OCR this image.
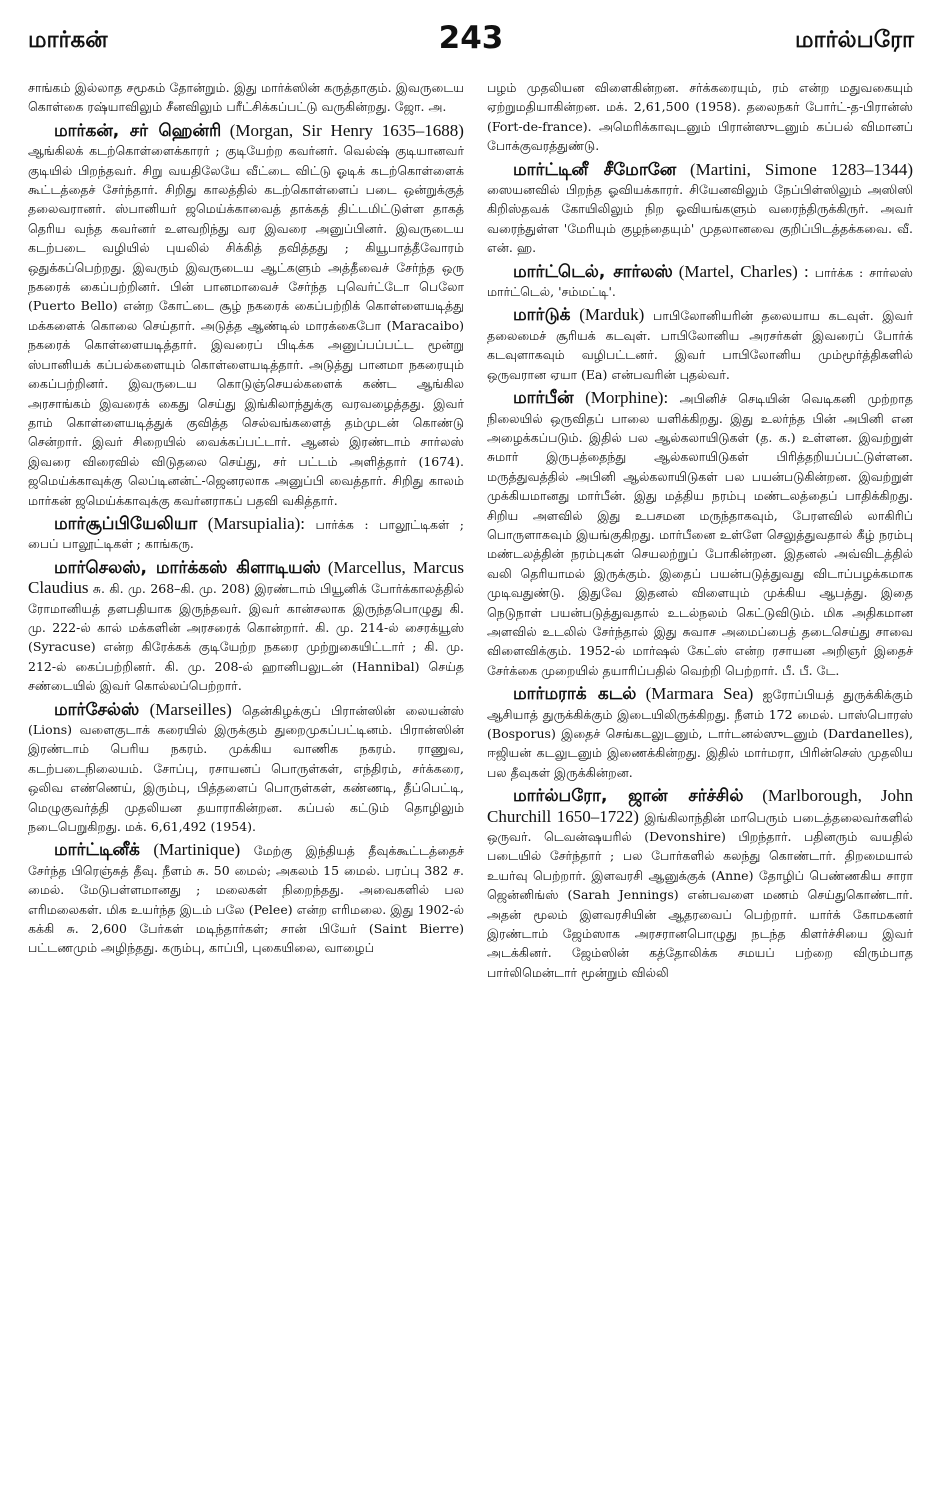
மார்கன்	243	மார்ல்பரோ

சாங்கம் இல்லாத சமூகம் தோன்றும். இது மார்க்ஸின் கருத்தாகும். இவருடைய கொள்கை ரஷ்யாவிலும் சீனவிலும் பரீட்சிக்கப்பட்டு வருகின்றது. ஜோ. அ.

மார்கன், சர் ஹென்ரி (Morgan, Sir Henry 1635–1688) ஆங்கிலக் கடற்கொள்ளைக்காரர் ; குடியேற்ற கவர்னர். வெல்ஷ் குடியானவர் குடியில் பிறந்தவர். சிறு வயதிலேயே வீட்டை விட்டு ஓடிக் கடற்கொள்ளைக் கூட்டத்தைச் சேர்ந்தார். சிறிது காலத்தில் கடற்கொள்ளைப் படை ஒன்றுக்குத் தலைவரானர். ஸ்பானியர் ஜமெய்க்காவைத் தாக்கத் திட்டமிட்டுள்ள தாகத் தெரிய வந்த கவர்னர் உளவறிந்து வர இவரை அனுப்பினர். இவருடைய கடற்படை வழியில் புயலில் சிக்கித் தவித்தது ; கியூபாத்தீவோரம் ஒதுக்கப்பெற்றது. இவரும் இவருடைய ஆட்களும் அத்தீவைச் சேர்ந்த ஒரு நகரைக் கைப்பற்றினர். பின் பானமாவைச் சேர்ந்த புவெர்ட்டோ பெலோ (Puerto Bello) என்ற கோட்டை சூழ் நகரைக் கைப்பற்றிக் கொள்ளையடித்து மக்களைக் கொலை செய்தார். அடுத்த ஆண்டில் மாரக்கைபோ (Maracaibo) நகரைக் கொள்ளையடித்தார். இவரைப் பிடிக்க அனுப்பப்பட்ட மூன்று ஸ்பானியக் கப்பல்களையும் கொள்ளையடித்தார். அடுத்து பானமா நகரையும் கைப்பற்றினர். இவருடைய கொடுஞ்செயல்களைக் கண்ட ஆங்கில அரசாங்கம் இவரைக் கைது செய்து இங்கிலாந்துக்கு வரவழைத்தது. இவர் தாம் கொள்ளையடித்துக் குவித்த செல்வங்களைத் தம்முடன் கொண்டு சென்றார். இவர் சிறையில் வைக்கப்பட்டார். ஆனல் இரண்டாம் சார்லஸ் இவரை விரைவில் விடுதலை செய்து, சர் பட்டம் அளித்தார் (1674). ஜமெய்க்காவுக்கு லெப்டினன்ட்-ஜெனரலாக அனுப்பி வைத்தார். சிறிது காலம் மார்கன் ஜமெய்க்காவுக்கு கவர்னராகப் பதவி வகித்தார்.

மார்சூப்பியேலியா (Marsupialia): பார்க்க : பாலூட்டிகள் ; பைப் பாலூட்டிகள் ; காங்கரு.

மார்செலஸ், மார்க்கஸ் கிளாடியஸ் (Marcellus, Marcus Claudius சு. கி. மு. 268–கி. மு. 208) இரண்டாம் பியூனிக் போர்க்காலத்தில் ரோமானியத் தளபதியாக இருந்தவர். இவர் கான்சலாக இருந்தபொழுது கி. மு. 222-ல் கால் மக்களின் அரசரைக் கொன்றார். கி. மு. 214-ல் சைரக்யூஸ் (Syracuse) என்ற கிரேக்கக் குடியேற்ற நகரை முற்றுகையிட்டார் ; கி. மு. 212-ல் கைப்பற்றினர். கி. மு. 208-ல் ஹானிபலுடன் (Hannibal) செய்த சண்டையில் இவர் கொல்லப்பெற்றார்.

மார்சேல்ஸ் (Marseilles) தென்கிழக்குப் பிரான்ஸின் லையன்ஸ் (Lions) வளைகுடாக் கரையில் இருக்கும் துறைமுகப்பட்டினம். பிரான்ஸின் இரண்டாம் பெரிய நகரம். முக்கிய வாணிக நகரம். ராணுவ, கடற்படைநிலையம். சோப்பு, ரசாயனப் பொருள்கள், எந்திரம், சர்க்கரை, ஒலிவ எண்ணெய், இரும்பு, பித்தளைப் பொருள்கள், கண்ணடி, தீப்பெட்டி, மெழுகுவர்த்தி முதலியன தயாராகின்றன. கப்பல் கட்டும் தொழிலும் நடைபெறுகிறது. மக். 6,61,492 (1954).

மார்ட்டினீக் (Martinique) மேற்கு இந்தியத் தீவுக்கூட்டத்தைச் சேர்ந்த பிரெஞ்சுத் தீவு. நீளம் சு. 50 மைல்; அகலம் 15 மைல். பரப்பு 382 ச. மைல். மேடுபள்ளமானது ; மலைகள் நிறைந்தது. அவைகளில் பல எரிமலைகள். மிக உயர்ந்த இடம் பலே (Pelee) என்ற எரிமலை. இது 1902-ல் கக்கி சு. 2,600 பேர்கள் மடிந்தார்கள்; சான் பியேர் (Saint Bierre) பட்டணமும் அழிந்தது. கரும்பு, காப்பி, புகையிலை, வாழைப்

பழம் முதலியன விளைகின்றன. சர்க்கரையும், ரம் என்ற மதுவகையும் ஏற்றுமதியாகின்றன. மக். 2,61,500 (1958). தலைநகர் போர்ட்-த-பிரான்ஸ் (Fort-de-france). அமெரிக்காவுடனும் பிரான்ஸுடனும் கப்பல் விமானப் போக்குவரத்துண்டு.

மார்ட்டினீ சீமோனே (Martini, Simone 1283–1344) ஸையனவில் பிறந்த ஓவியக்காரர். சியேனவிலும் நேப்பிள்ஸிலும் அஸிஸி கிறிஸ்தவக் கோயிலிலும் நிற ஓவியங்களும் வரைந்திருக்கிருர். அவர் வரைந்துள்ள 'மேரியும் குழந்தையும்' முதலானவை குறிப்பிடத்தக்கவை. வீ. என். ஹ.

மார்ட்டெல், சார்லஸ் (Martel, Charles) : பார்க்க : சார்லஸ் மார்ட்டெல், 'சம்மட்டி'.

மார்டுக் (Marduk) பாபிலோனியரின் தலையாய கடவுள். இவர் தலைமைச் சூரியக் கடவுள். பாபிலோனிய அரசர்கள் இவரைப் போர்க் கடவுளாகவும் வழிபட்டனர். இவர் பாபிலோனிய மும்மூர்த்திகளில் ஒருவரான ஏயா (Ea) என்பவரின் புதல்வர்.

மார்பீன் (Morphine): அபினிச் செடியின் வெடிகனி முற்றாத நிலையில் ஒருவிதப் பாலை யளிக்கிறது. இது உலர்ந்த பின் அபினி என அழைக்கப்படும். இதில் பல ஆல்கலாயிடுகள் (த. க.) உள்ளன. இவற்றுள் சுமார் இருபத்தைந்து ஆல்கலாயிடுகள் பிரித்தறியப்பட்டுள்ளன. மருத்துவத்தில் அபினி ஆல்கலாயிடுகள் பல பயன்படுகின்றன. இவற்றுள் முக்கியமானது மார்பீன். இது மத்திய நரம்பு மண்டலத்தைப் பாதிக்கிறது. சிறிய அளவில் இது உபசமன மருந்தாகவும், பேரளவில் லாகிரிப் பொருளாகவும் இயங்குகிறது. மார்பீனை உள்ளே செலுத்துவதால் கீழ் நரம்பு மண்டலத்தின் நரம்புகள் செயலற்றுப் போகின்றன. இதனல் அவ்விடத்தில் வலி தெரியாமல் இருக்கும். இதைப் பயன்படுத்துவது விடாப்பழக்கமாக முடிவதுண்டு. இதுவே இதனல் விளையும் முக்கிய ஆபத்து. இதை நெடுநாள் பயன்படுத்துவதால் உடல்நலம் கெட்டுவிடும். மிக அதிகமான அளவில் உடலில் சேர்ந்தால் இது சுவாச அமைப்பைத் தடைசெய்து சாவை விளைவிக்கும். 1952-ல் மார்ஷல் கேட்ஸ் என்ற ரசாயன அறிஞர் இதைச் சேர்க்கை முறையில் தயாரிப்பதில் வெற்றி பெற்றார். பீ. பீ. டே.

மார்மராக் கடல் (Marmara Sea) ஐரோப்பியத் துருக்கிக்கும் ஆசியாத் துருக்கிக்கும் இடையிலிருக்கிறது. நீளம் 172 மைல். பாஸ்பொரஸ் (Bosporus) இதைச் செங்கடலுடனும், டார்டனல்ஸுடனும் (Dardanelles), ஈஜியன் கடலுடனும் இணைக்கின்றது. இதில் மார்மரா, பிரின்செஸ் முதலிய பல தீவுகள் இருக்கின்றன.

மார்ல்பரோ, ஜான் சர்ச்சில் (Marlborough, John Churchill 1650–1722) இங்கிலாந்தின் மாபெரும் படைத்தலைவர்களில் ஒருவர். டெவன்ஷயரில் (Devonshire) பிறந்தார். பதினரும் வயதில் படையில் சேர்ந்தார் ; பல போர்களில் கலந்து கொண்டார். திறமையால் உயர்வு பெற்றார். இளவரசி ஆனுக்குக் (Anne) தோழிப் பெண்ணகிய சாரா ஜென்னிங்ஸ் (Sarah Jennings) என்பவளை மணம் செய்துகொண்டார். அதன் மூலம் இளவரசியின் ஆதரவைப் பெற்றார். யார்க் கோமகனர் இரண்டாம் ஜேம்ஸாக அரசரானபொழுது நடந்த கிளர்ச்சியை இவர் அடக்கினர். ஜேம்ஸின் கத்தோலிக்க சமயப் பற்றை விரும்பாத பார்லிமென்டார் மூன்றும் வில்லி
